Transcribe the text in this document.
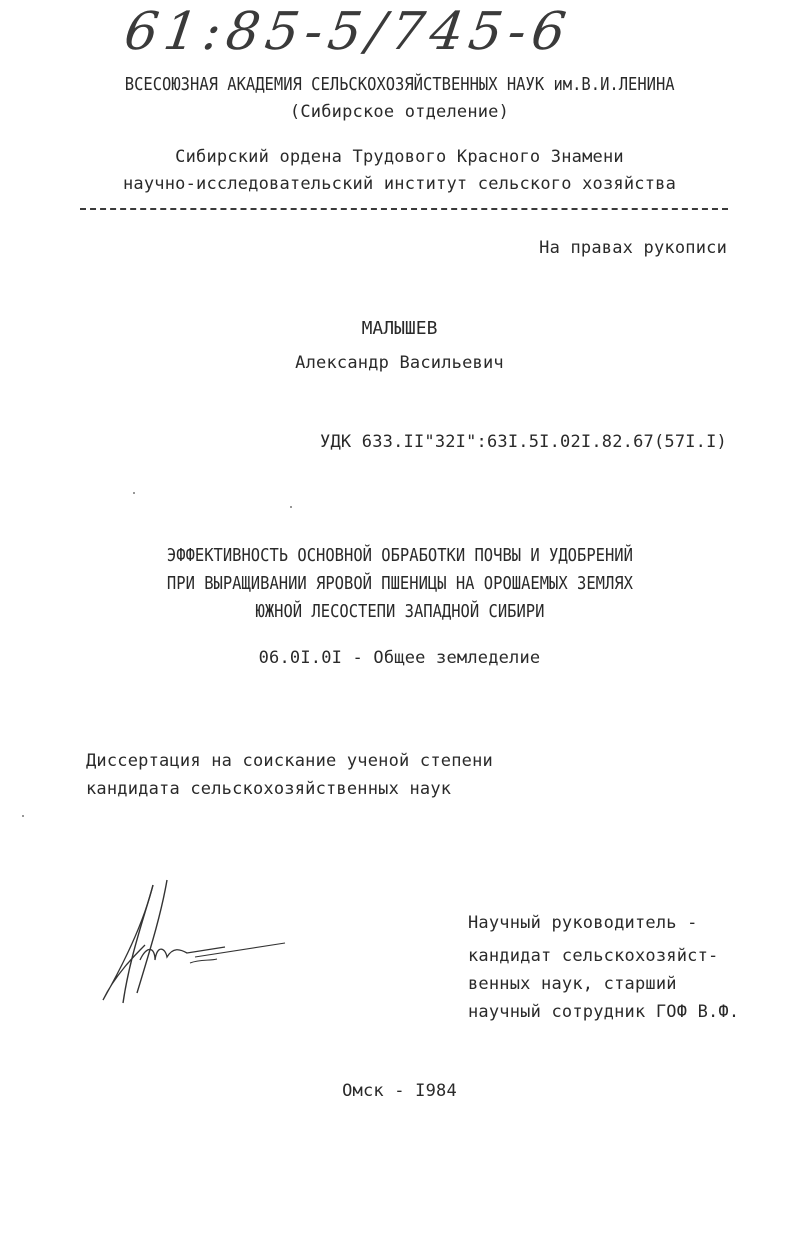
61:85-5/745-6
ВСЕСОЮЗНАЯ АКАДЕМИЯ СЕЛЬСКОХОЗЯЙСТВЕННЫХ НАУК им.В.И.ЛЕНИНА
(Сибирское отделение)
Сибирский ордена Трудового Красного Знамени
научно-исследовательский институт сельского хозяйства
На правах рукописи
МАЛЫШЕВ
Александр Васильевич
УДК 633.II"32I":63I.5I.02I.82.67(57I.I)
ЭФФЕКТИВНОСТЬ ОСНОВНОЙ ОБРАБОТКИ ПОЧВЫ И УДОБРЕНИЙ
ПРИ ВЫРАЩИВАНИИ ЯРОВОЙ ПШЕНИЦЫ НА ОРОШАЕМЫХ ЗЕМЛЯХ
ЮЖНОЙ ЛЕСОСТЕПИ ЗАПАДНОЙ СИБИРИ
06.0I.0I - Общее земледелие
Диссертация на соискание ученой степени
кандидата сельскохозяйственных наук
Научный руководитель -
кандидат сельскохозяйст-
венных наук, старший
научный сотрудник ГОФ В.Ф.
Омск - I984
